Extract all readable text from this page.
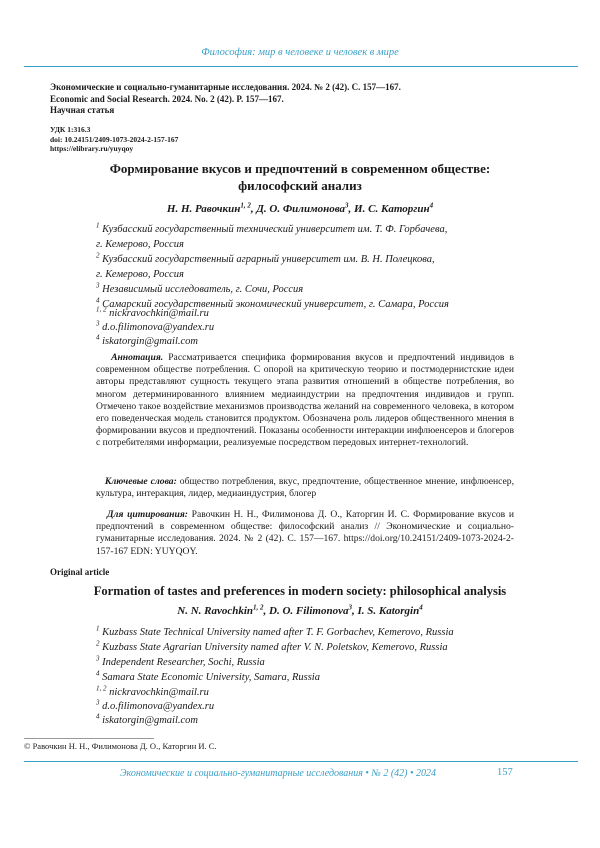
Философия: мир в человеке и человек в мире
Экономические и социально-гуманитарные исследования. 2024. № 2 (42). С. 157—167.
Economic and Social Research. 2024. No. 2 (42). P. 157—167.
Научная статья
УДК 1:316.3
doi: 10.24151/2409-1073-2024-2-157-167
https://elibrary.ru/yuyqoy
Формирование вкусов и предпочтений в современном обществе:
философский анализ
Н. Н. Равочкин$^{1, 2}$, Д. О. Филимонова$^3$, И. С. Каторгин$^4$
$^1$ Кузбасский государственный технический университет им. Т. Ф. Горбачева,
г. Кемерово, Россия
$^2$ Кузбасский государственный аграрный университет им. В. Н. Полецкова,
г. Кемерово, Россия
$^3$ Независимый исследователь, г. Сочи, Россия
$^4$ Самарский государственный экономический университет, г. Самара, Россия
$^{1, 2}$ nickravochkin@mail.ru
$^3$ d.o.filimonova@yandex.ru
$^4$ iskatorgin@gmail.com
Аннотация. Рассматривается специфика формирования вкусов и предпочтений индивидов в современном обществе потребления. С опорой на критическую теорию и постмодернистские идеи авторы представляют сущность текущего этапа развития отношений в обществе потребления, во многом детерминированного влиянием медиаиндустрии на предпочтения индивидов и групп. Отмечено такое воздействие механизмов производства желаний на современного человека, в котором его поведенческая модель становится продуктом. Обозначена роль лидеров общественного мнения в формировании вкусов и предпочтений. Показаны особенности интеракции инфлюенсеров и блогеров с потребителями информации, реализуемые посредством передовых интернет-технологий.
Ключевые слова: общество потребления, вкус, предпочтение, общественное мнение, инфлюенсер, культура, интеракция, лидер, медиаиндустрия, блогер
Для цитирования: Равочкин Н. Н., Филимонова Д. О., Каторгин И. С. Формирование вкусов и предпочтений в современном обществе: философский анализ // Экономические и социально-гуманитарные исследования. 2024. № 2 (42). С. 157—167. https://doi.org/10.24151/2409-1073-2024-2-157-167 EDN: YUYQOY.
Original article
Formation of tastes and preferences in modern society: philosophical analysis
N. N. Ravochkin$^{1, 2}$, D. O. Filimonova$^3$, I. S. Katorgin$^4$
$^1$ Kuzbass State Technical University named after T. F. Gorbachev, Kemerovo, Russia
$^2$ Kuzbass State Agrarian University named after V. N. Poletskov, Kemerovo, Russia
$^3$ Independent Researcher, Sochi, Russia
$^4$ Samara State Economic University, Samara, Russia
$^{1, 2}$ nickravochkin@mail.ru
$^3$ d.o.filimonova@yandex.ru
$^4$ iskatorgin@gmail.com
© Равочкин Н. Н., Филимонова Д. О., Каторгин И. С.
Экономические и социально-гуманитарные исследования • № 2 (42) • 2024	157
